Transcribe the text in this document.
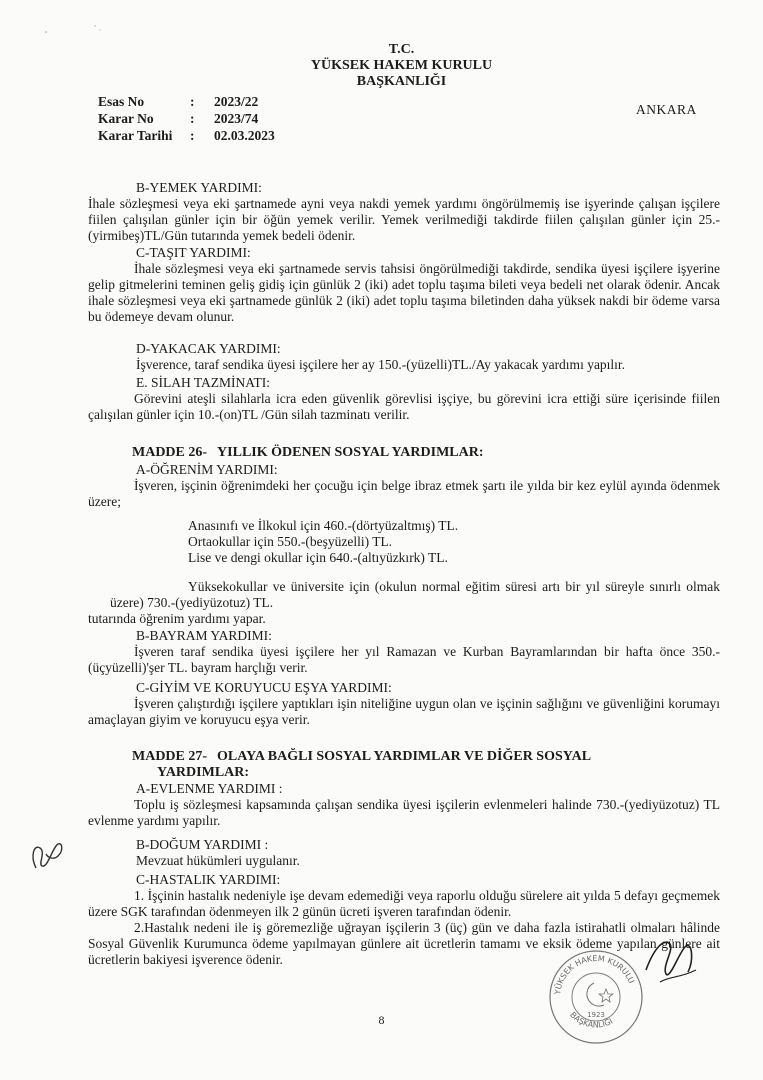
T.C.
YÜKSEK HAKEM KURULU
BAŞKANLIĞI
Esas No	:	2023/22
Karar No	:	2023/74
Karar Tarihi	:	02.03.2023
ANKARA
B-YEMEK YARDIMI:
İhale sözleşmesi veya eki şartnamede ayni veya nakdi yemek yardımı öngörülmemiş ise işyerinde çalışan işçilere fiilen çalışılan günler için bir öğün yemek verilir. Yemek verilmediği takdirde fiilen çalışılan günler için 25.-(yirmibeş)TL/Gün tutarında yemek bedeli ödenir.
C-TAŞIT YARDIMI:
İhale sözleşmesi veya eki şartnamede servis tahsisi öngörülmediği takdirde, sendika üyesi işçilere işyerine gelip gitmelerini teminen geliş gidiş için günlük 2 (iki) adet toplu taşıma bileti veya bedeli net olarak ödenir. Ancak ihale sözleşmesi veya eki şartnamede günlük 2 (iki) adet toplu taşıma biletinden daha yüksek nakdi bir ödeme varsa bu ödemeye devam olunur.
D-YAKACAK YARDIMI:
İşverence, taraf sendika üyesi işçilere her ay 150.-(yüzelli)TL./Ay yakacak yardımı yapılır.
E. SİLAH TAZMİNATI:
Görevini ateşli silahlarla icra eden güvenlik görevlisi işçiye, bu görevini icra ettiği süre içerisinde fiilen çalışılan günler için 10.-(on)TL /Gün silah tazminatı verilir.
MADDE 26- YILLIK ÖDENEN SOSYAL YARDIMLAR:
A-ÖĞRENİM YARDIMI:
İşveren, işçinin öğrenimdeki her çocuğu için belge ibraz etmek şartı ile yılda bir kez eylül ayında ödenmek üzere;
Anasınıfı ve İlkokul için 460.-(dörtyüzaltmış) TL.
Ortaokullar için 550.-(beşyüzelli) TL.
Lise ve dengi okullar için 640.-(altıyüzkırk) TL.
Yüksekokullar ve üniversite için (okulun normal eğitim süresi artı bir yıl süreyle sınırlı olmak üzere) 730.-(yediyüzotuz) TL.
tutarında öğrenim yardımı yapar.
B-BAYRAM YARDIMI:
İşveren taraf sendika üyesi işçilere her yıl Ramazan ve Kurban Bayramlarından bir hafta önce 350.-(üçyüzelli)'şer TL. bayram harçlığı verir.
C-GİYİM VE KORUYUCU EŞYA YARDIMI:
İşveren çalıştırdığı işçilere yaptıkları işin niteliğine uygun olan ve işçinin sağlığını ve güvenliğini korumayı amaçlayan giyim ve koruyucu eşya verir.
MADDE 27- OLAYA BAĞLI SOSYAL YARDIMLAR VE DİĞER SOSYAL
YARDIMLAR:
A-EVLENME YARDIMI :
Toplu iş sözleşmesi kapsamında çalışan sendika üyesi işçilerin evlenmeleri halinde 730.-(yediyüzotuz) TL evlenme yardımı yapılır.
B-DOĞUM YARDIMI :
Mevzuat hükümleri uygulanır.
C-HASTALIK YARDIMI:
1. İşçinin hastalık nedeniyle işe devam edemediği veya raporlu olduğu sürelere ait yılda 5 defayı geçmemek üzere SGK tarafından ödenmeyen ilk 2 günün ücreti işveren tarafından ödenir.
2.Hastalık nedeni ile iş göremezliğe uğrayan işçilerin 3 (üç) gün ve daha fazla istirahatli olmaları hâlinde Sosyal Güvenlik Kurumunca ödeme yapılmayan günlere ait ücretlerin tamamı ve eksik ödeme yapılan günlere ait ücretlerin bakiyesi işverence ödenir.
YÜKSEK HAKEM KURULU
BAŞKANLIĞI
1923
8
